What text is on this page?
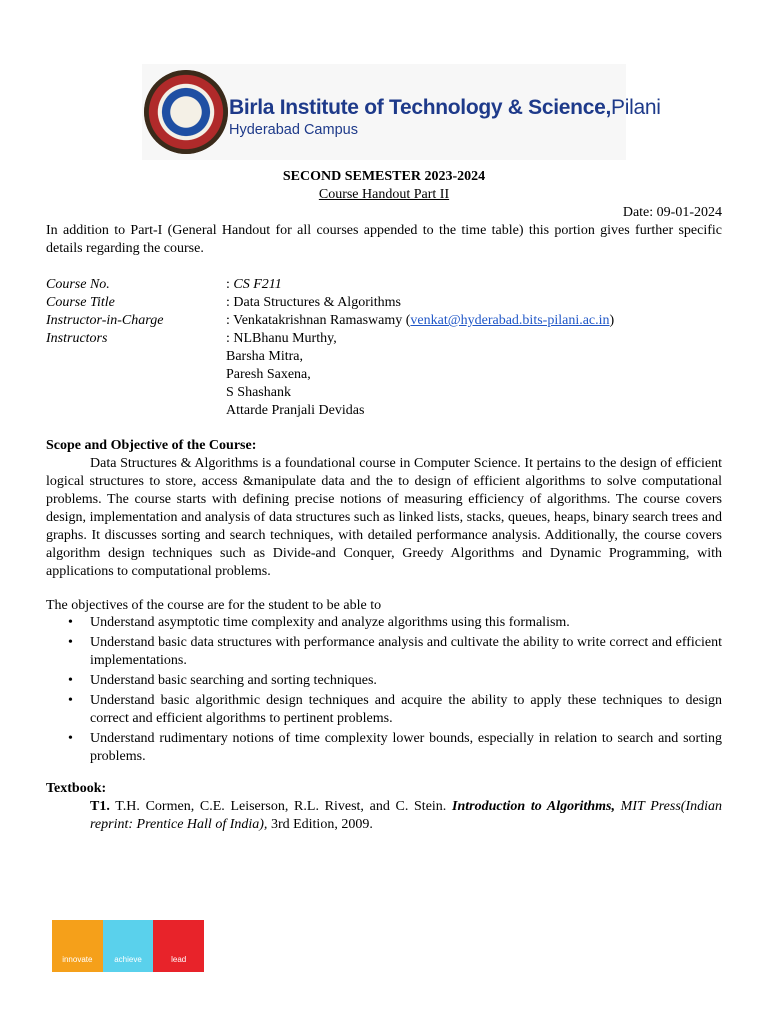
Birla Institute of Technology & Science,Pilani
Hyderabad Campus
SECOND SEMESTER 2023-2024
Course Handout Part II
Date: 09-01-2024
In addition to Part-I (General Handout for all courses appended to the time table) this portion gives further specific details regarding the course.
Course No.	: CS F211
Course Title	: Data Structures & Algorithms
Instructor-in-Charge	: Venkatakrishnan Ramaswamy (venkat@hyderabad.bits-pilani.ac.in)
Instructors	: NLBhanu Murthy,
Barsha Mitra,
Paresh Saxena,
S Shashank
Attarde Pranjali Devidas
Scope and Objective of the Course:
Data Structures & Algorithms is a foundational course in Computer Science. It pertains to the design of efficient logical structures to store, access &manipulate data and the to design of efficient algorithms to solve computational problems. The course starts with defining precise notions of measuring efficiency of algorithms. The course covers design, implementation and analysis of data structures such as linked lists, stacks, queues, heaps, binary search trees and graphs. It discusses sorting and search techniques, with detailed performance analysis. Additionally, the course covers algorithm design techniques such as Divide-and Conquer, Greedy Algorithms and Dynamic Programming, with applications to computational problems.
The objectives of the course are for the student to be able to
• Understand asymptotic time complexity and analyze algorithms using this formalism.
• Understand basic data structures with performance analysis and cultivate the ability to write correct and efficient implementations.
• Understand basic searching and sorting techniques.
• Understand basic algorithmic design techniques and acquire the ability to apply these techniques to design correct and efficient algorithms to pertinent problems.
• Understand rudimentary notions of time complexity lower bounds, especially in relation to search and sorting problems.
Textbook:
T1. T.H. Cormen, C.E. Leiserson, R.L. Rivest, and C. Stein. Introduction to Algorithms, MIT Press(Indian reprint: Prentice Hall of India), 3rd Edition, 2009.
innovate	achieve	lead
